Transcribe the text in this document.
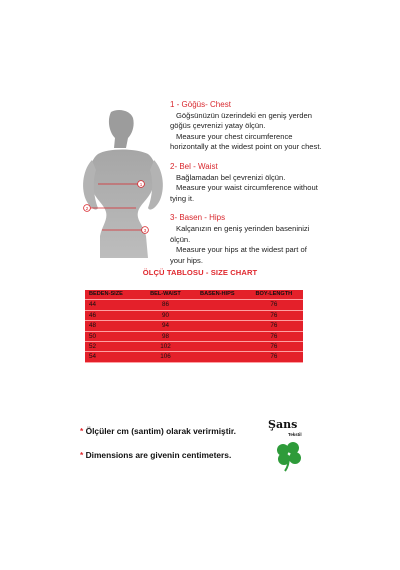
1
2
3
1 - Göğüs- Chest
Göğsünüzün üzerindeki en geniş yerden
göğüs çevrenizi yatay ölçün.
Measure your chest circumference
horizontally at the widest point on your chest.
2- Bel - Waist
Bağlamadan bel çevrenizi ölçün.
Measure your waist circumference without
tying it.
3- Basen - Hips
Kalçanızın en geniş yerinden baseninizi
ölçün.
Measure your hips at the widest part of
your hips.
ÖLÇÜ TABLOSU - SIZE CHART
BEDEN-SIZE	BEL-WAIST	BASEN-HIPS	BOY-LENGTH
44	86		76
46	90		76
48	94		76
50	98		76
52	102		76
54	106		76
* Ölçüler cm (santim) olarak verirmiştir.
* Dimensions are givenin centimeters.
Şans
Tekstil
